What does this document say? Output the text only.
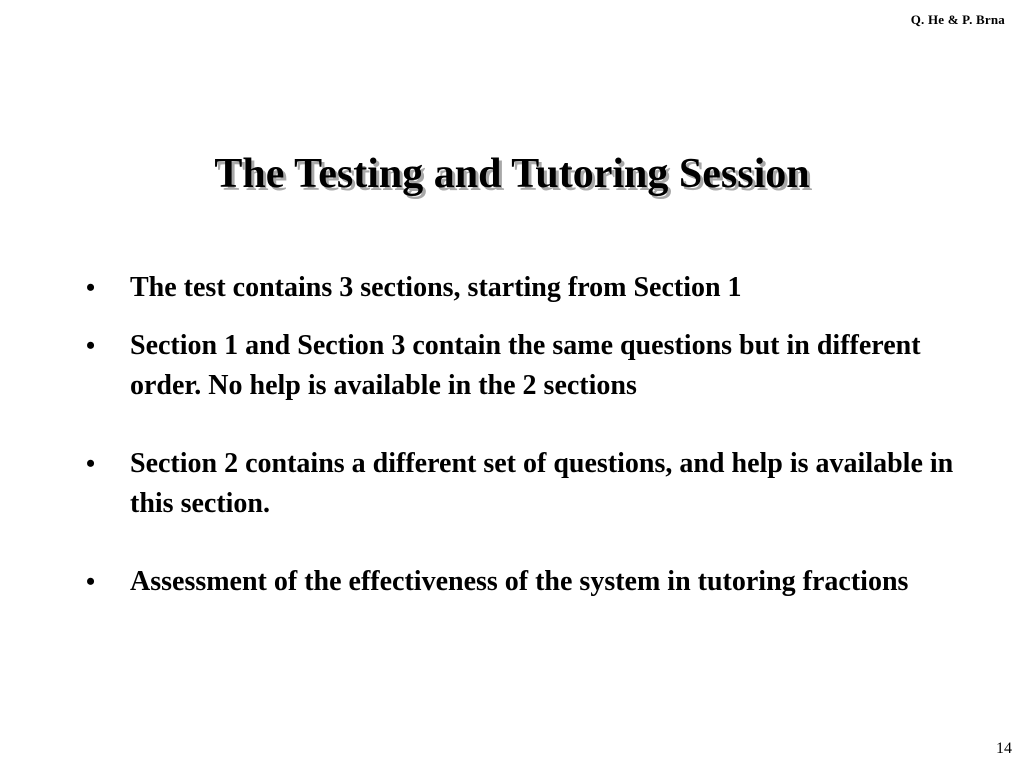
Q. He & P. Brna
The Testing and Tutoring Session
• The test contains 3 sections, starting from Section 1
• Section 1 and Section 3 contain the same questions but in different order. No help is available in the 2 sections
• Section 2 contains a different set of questions, and help is available in this section.
• Assessment of the effectiveness of the system in tutoring fractions
14
